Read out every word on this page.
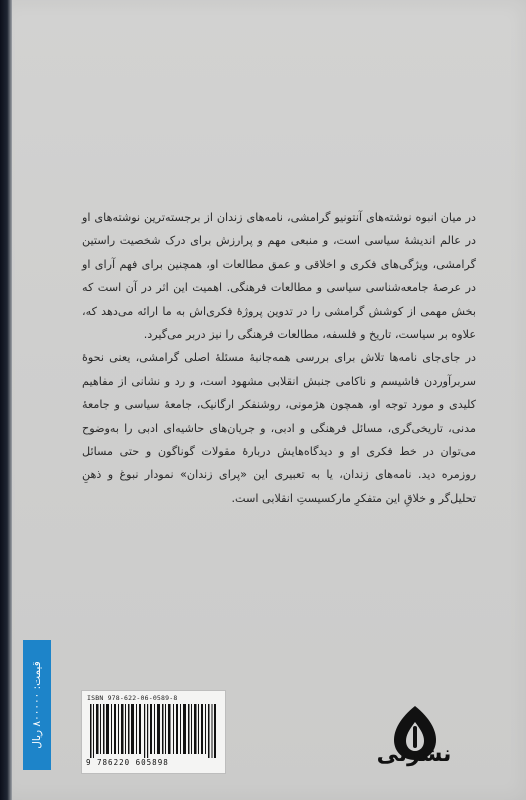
در میان انبوه نوشته‌های آنتونیو گرامشی، نامه‌های زندان از برجسته‌ترین نوشته‌های او در عالم اندیشهٔ سیاسی است، و منبعی مهم و پرارزش برای درک شخصیت راستین گرامشی، ویژگی‌های فکری و اخلاقی و عمق مطالعات او، همچنین برای فهم آرای او در عرصهٔ جامعه‌شناسی سیاسی و مطالعات فرهنگی. اهمیت این اثر در آن است که بخش مهمی از کوشش گرامشی را در تدوین پروژهٔ فکری‌اش به ما ارائه می‌دهد که، علاوه بر سیاست، تاریخ و فلسفه، مطالعات فرهنگی را نیز دربر می‌گیرد.

در جای‌جای نامه‌ها تلاش برای بررسی همه‌جانبهٔ مسئلهٔ اصلی گرامشی، یعنی نحوهٔ سربرآوردن فاشیسم و ناکامی جنبش انقلابی مشهود است، و رد و نشانی از مفاهیم کلیدی و مورد توجه او، همچون هژمونی، روشنفکر ارگانیک، جامعهٔ سیاسی و جامعهٔ مدنی، تاریخی‌گری، مسائل فرهنگی و ادبی، و جریان‌های حاشیه‌ای ادبی را به‌وضوح می‌توان در خط فکری او و دیدگاه‌هایش دربارهٔ مقولات گوناگون و حتی مسائل روزمره دید. نامه‌های زندان، یا به تعبیری این «پرای زندان» نمودار نبوغ و ذهنِ تحلیل‌گر و خلاقِ این متفکرِ مارکسیستِ انقلابی است.

قیمت: ۸۰۰۰۰۰ ریال
ISBN 978-622-06-0589-8
9 786220 605898	نشرنی
